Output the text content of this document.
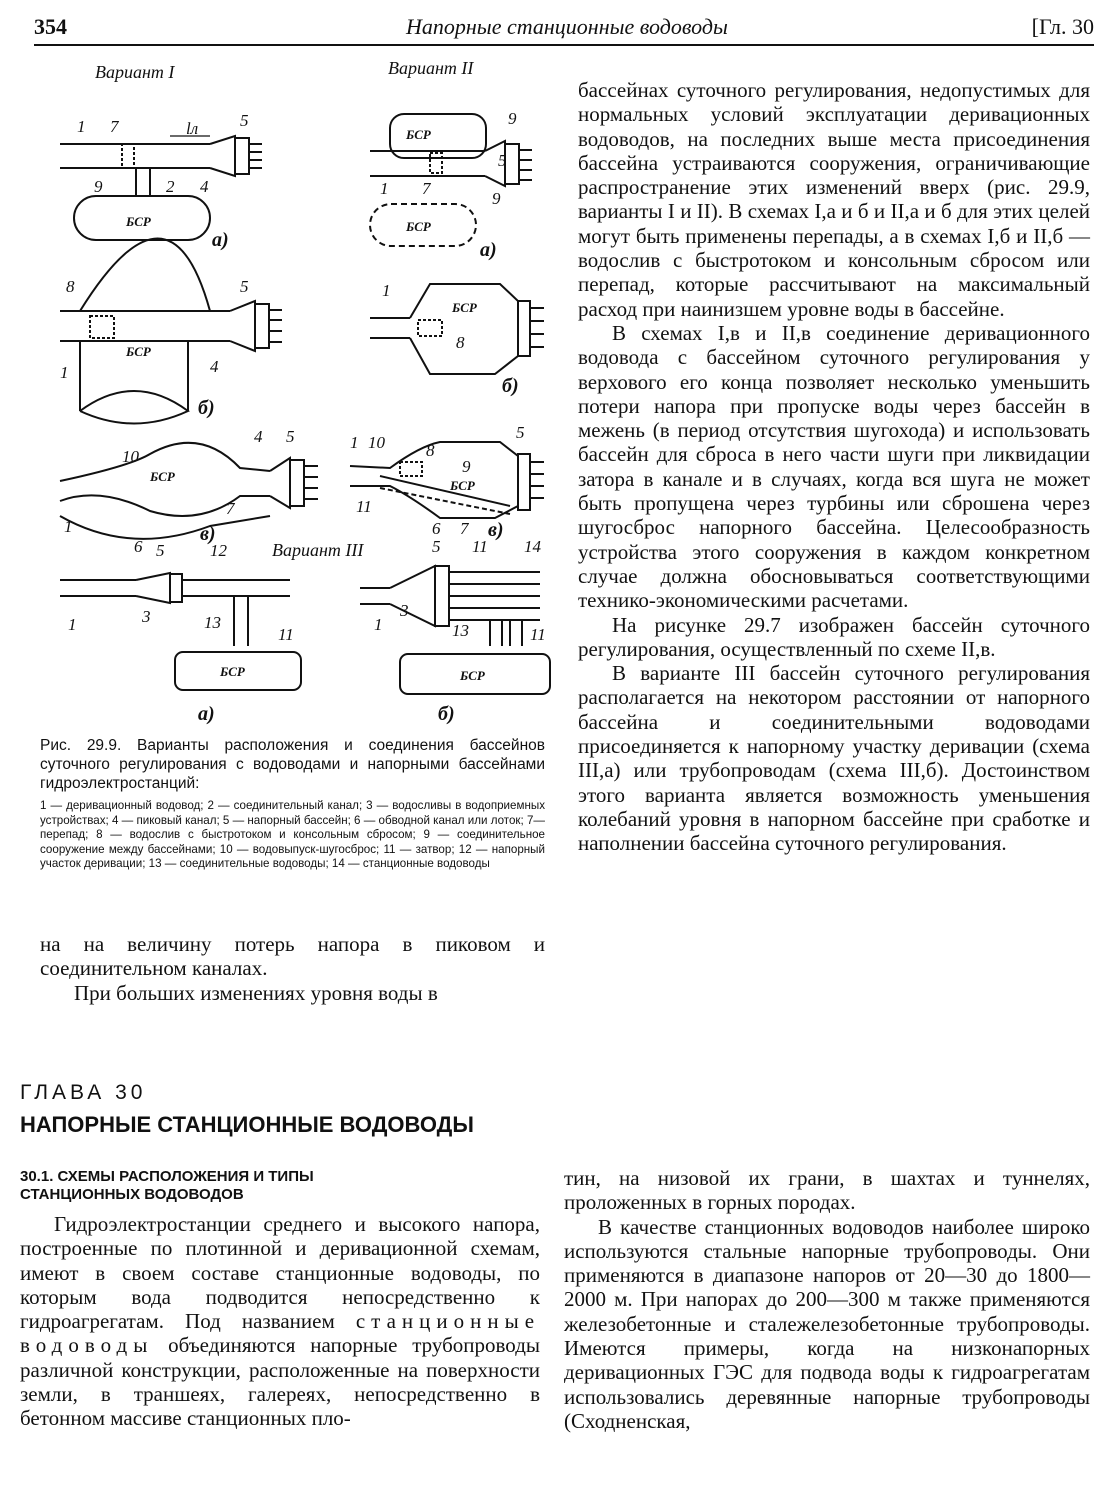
354	Напорные станционные водоводы	[Гл. 30
Вариант I	Вариант II
1 7	lл 5
9	2 4
БСР
а)
8	5
БСР
1	4
б)
10
БСР
4 5
7
1
6
в)
БСР
9
5
1 7
9
БСР
а)
1
БСР
8
б)
1 10 8
5
9
БСР
11
6 7 в)
Вариант III
5	12
1	3	13
11
БСР
а)
5 11 14
1
3
13	11
БСР
б)

Рис. 29.9. Варианты расположения и соединения бассейнов суточного регулирования с водоводами и напорными бассейнами гидроэлектростанций:

1 — деривационный водовод; 2 — соединительный канал; 3 — водосливы в водоприемных устройствах; 4 — пиковый канал; 5 — напорный бассейн; 6 — обводной канал или лоток; 7— перепад; 8 — водослив с быстротоком и консольным сбросом; 9 — соединительное сооружение между бассейнами; 10 — водовыпуск-шугосброс; 11 — затвор; 12 — напорный участок деривации; 13 — соединительные водоводы; 14 — станционные водоводы

на на величину потерь напора в пиковом и соединительном каналах.

При больших изменениях уровня воды в

бассейнах суточного регулирования, недопустимых для нормальных условий эксплуатации деривационных водоводов, на последних выше места присоединения бассейна устраиваются сооружения, ограничивающие распространение этих изменений вверх (рис. 29.9, варианты I и II). В схемах I,а и б и II,а и б для этих целей могут быть применены перепады, а в схемах I,б и II,б — водослив с быстротоком и консольным сбросом или перепад, которые рассчитывают на максимальный расход при наинизшем уровне воды в бассейне.

В схемах I,в и II,в соединение деривационного водовода с бассейном суточного регулирования у верхового его конца позволяет несколько уменьшить потери напора при пропуске воды через бассейн в межень (в период отсутствия шугохода) и использовать бассейн для сброса в него части шуги при ликвидации затора в канале и в случаях, когда вся шуга не может быть пропущена через турбины или сброшена через шугосброс напорного бассейна. Целесообразность устройства этого сооружения в каждом конкретном случае должна обосновываться соответствующими технико-экономическими расчетами.

На рисунке 29.7 изображен бассейн суточного регулирования, осуществленный по схеме II,в.

В варианте III бассейн суточного регулирования располагается на некотором расстоянии от напорного бассейна и соединительными водоводами присоединяется к напорному участку деривации (схема III,а) или трубопроводам (схема III,б). Достоинством этого варианта является возможность уменьшения колебаний уровня в напорном бассейне при сработке и наполнении бассейна суточного регулирования.

ГЛАВА 30
НАПОРНЫЕ СТАНЦИОННЫЕ ВОДОВОДЫ
30.1. СХЕМЫ РАСПОЛОЖЕНИЯ И ТИПЫ
СТАНЦИОННЫХ ВОДОВОДОВ

Гидроэлектростанции среднего и высокого напора, построенные по плотинной и деривационной схемам, имеют в своем составе станционные водоводы, по которым вода подводится непосредственно к гидроагрегатам. Под названием станционные водоводы объединяются напорные трубопроводы различной конструкции, расположенные на поверхности земли, в траншеях, галереях, непосредственно в бетонном массиве станционных пло-

тин, на низовой их грани, в шахтах и туннелях, проложенных в горных породах.

В качестве станционных водоводов наиболее широко используются стальные напорные трубопроводы. Они применяются в диапазоне напоров от 20—30 до 1800—2000 м. При напорах до 200—300 м также применяются железобетонные и сталежелезобетонные трубопроводы. Имеются примеры, когда на низконапорных деривационных ГЭС для подвода воды к гидроагрегатам использовались деревянные напорные трубопроводы (Сходненская,
